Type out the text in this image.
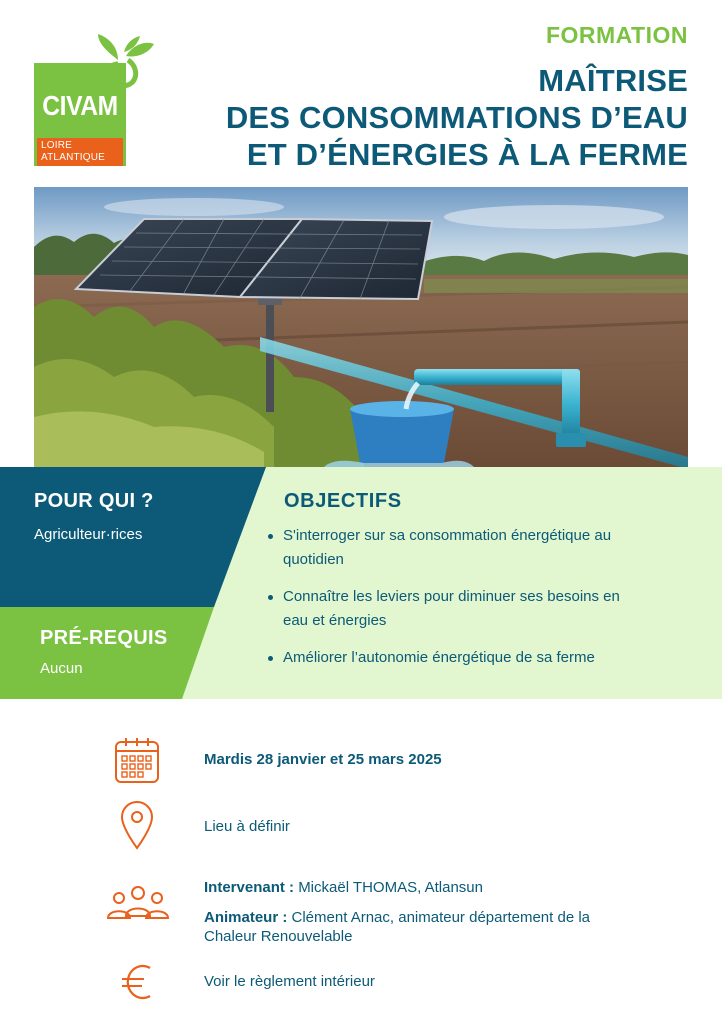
CIVAM
LOIRE
ATLANTIQUE
FORMATION
MAÎTRISE
DES CONSOMMATIONS D’EAU
ET D’ÉNERGIES À LA FERME
POUR QUI ?
Agriculteur·rices
PRÉ-REQUIS
Aucun
OBJECTIFS
S'interroger sur sa consommation énergétique au quotidien
Connaître les leviers pour diminuer ses besoins en eau et énergies
Améliorer l’autonomie énergétique de sa ferme
Mardis 28 janvier et 25 mars 2025
Lieu à définir
Intervenant : Mickaël THOMAS, Atlansun
Animateur : Clément Arnac, animateur département de la Chaleur Renouvelable
Voir le règlement intérieur
